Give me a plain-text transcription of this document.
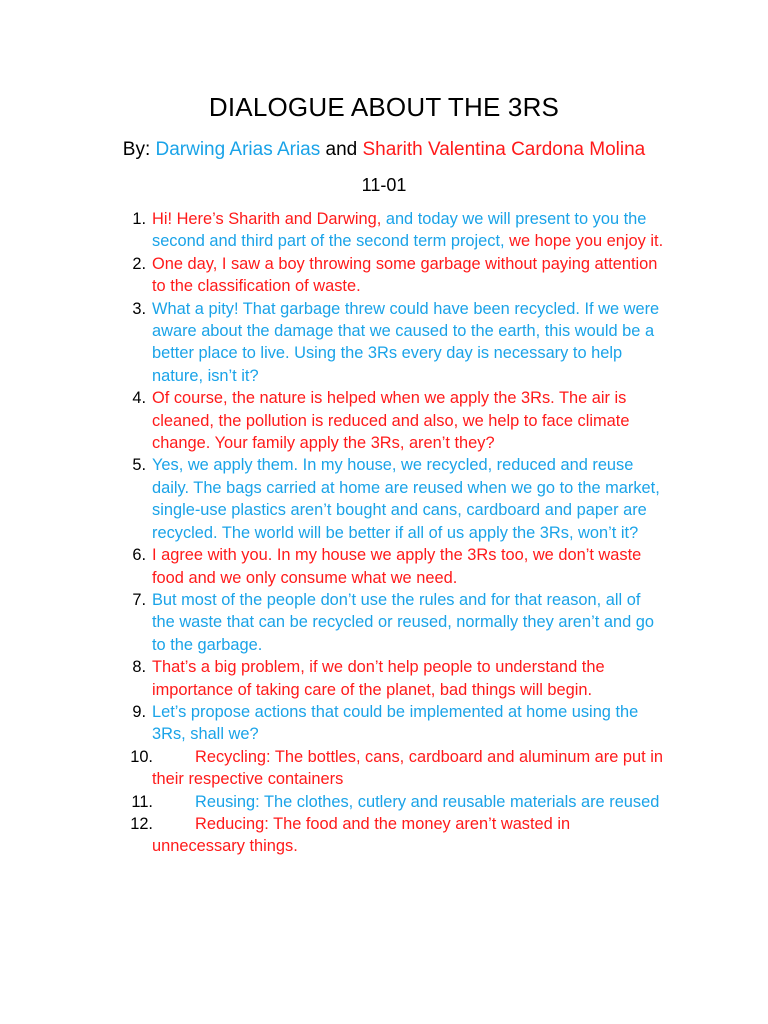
DIALOGUE ABOUT THE 3RS
By: Darwing Arias Arias and Sharith Valentina Cardona Molina
11-01
1. Hi! Here’s Sharith and Darwing, and today we will present to you the second and third part of the second term project, we hope you enjoy it.
2. One day, I saw a boy throwing some garbage without paying attention to the classification of waste.
3. What a pity! That garbage threw could have been recycled. If we were aware about the damage that we caused to the earth, this would be a better place to live. Using the 3Rs every day is necessary to help nature, isn’t it?
4. Of course, the nature is helped when we apply the 3Rs. The air is cleaned, the pollution is reduced and also, we help to face climate change. Your family apply the 3Rs, aren’t they?
5. Yes, we apply them. In my house, we recycled, reduced and reuse daily. The bags carried at home are reused when we go to the market, single-use plastics aren’t bought and cans, cardboard and paper are recycled. The world will be better if all of us apply the 3Rs, won’t it?
6. I agree with you. In my house we apply the 3Rs too, we don’t waste food and we only consume what we need.
7. But most of the people don’t use the rules and for that reason, all of the waste that can be recycled or reused, normally they aren’t and go to the garbage.
8. That’s a big problem, if we don’t help people to understand the importance of taking care of the planet, bad things will begin.
9. Let’s propose actions that could be implemented at home using the 3Rs, shall we?
10.	Recycling: The bottles, cans, cardboard and aluminum are put in their respective containers
11.	Reusing: The clothes, cutlery and reusable materials are reused
12.	Reducing: The food and the money aren’t wasted in unnecessary things.
